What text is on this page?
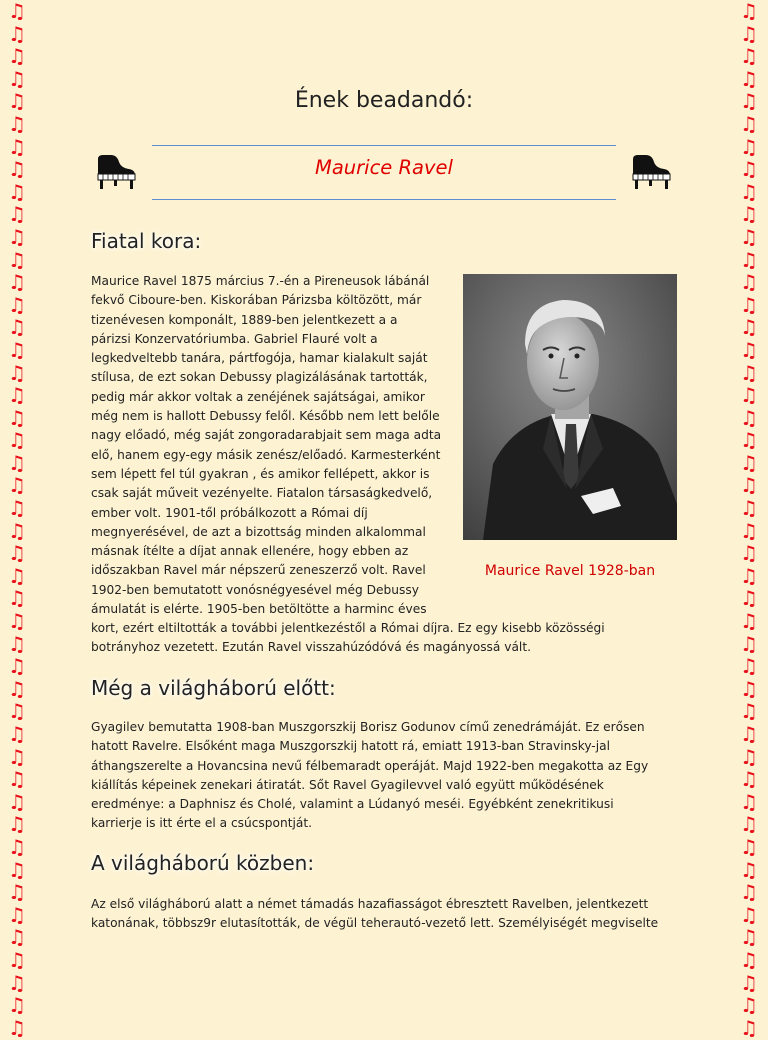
♫
♫
♫
♫
♫
♫
♫
♫
♫
♫
♫
♫
♫
♫
♫
♫
♫
♫
♫
♫
♫
♫
♫
♫
♫
♫
♫
♫
♫
♫
♫
♫
♫
♫
♫
♫
♫
♫
♫
♫
♫
♫
♫
♫
♫
♫
♫
♫
♫
♫
♫
♫
♫
♫
♫
♫
♫
♫
♫
♫
♫
♫
♫
♫
♫
♫
♫
♫
♫
♫
♫
♫
♫
♫
♫
♫
♫
♫
♫
♫
♫
♫
♫
♫
♫
♫
♫
♫
♫
♫
♫
♫
Ének beadandó:
Maurice Ravel
Fiatal kora:
Maurice Ravel 1875 március 7.-én a Pireneusok lábánál
fekvő Ciboure-ben. Kiskorában Párizsba költözött, már
tizenévesen komponált, 1889-ben jelentkezett a a
párizsi Konzervatóriumba. Gabriel Flauré volt a
legkedveltebb tanára, pártfogója, hamar kialakult saját
stílusa, de ezt sokan Debussy plagizálásának tartották,
pedig már akkor voltak a zenéjének sajátságai, amikor
még nem is hallott Debussy felől. Később nem lett belőle
nagy előadó, még saját zongoradarabjait sem maga adta
elő, hanem egy-egy másik zenész/előadó. Karmesterként
sem lépett fel túl gyakran , és amikor fellépett, akkor is
csak saját műveit vezényelte. Fiatalon társaságkedvelő,
ember volt. 1901-től próbálkozott a Római díj
megnyerésével, de azt a bizottság minden alkalommal
másnak ítélte a díjat annak ellenére, hogy ebben az
időszakban Ravel már népszerű zeneszerző volt. Ravel
1902-ben bemutatott vonósnégyesével még Debussy
ámulatát is elérte. 1905-ben betöltötte a harminc éves
kort, ezért eltiltották a további jelentkezéstől a Római díjra. Ez egy kisebb közösségi
botrányhoz vezetett. Ezután Ravel visszahúzódóvá és magányossá vált.
Maurice Ravel 1928-ban
Még a világháború előtt:
Gyagilev bemutatta 1908-ban Muszgorszkij Borisz Godunov című zenedrámáját. Ez erősen
hatott Ravelre. Elsőként maga Muszgorszkij hatott rá, emiatt 1913-ban Stravinsky-jal
áthangszerelte a Hovancsina nevű félbemaradt operáját. Majd 1922-ben megakotta az Egy
kiállítás képeinek zenekari átiratát. Sőt Ravel Gyagilevvel való együtt működésének
eredménye: a Daphnisz és Cholé, valamint a Lúdanyó meséi. Egyébként zenekritikusi
karrierje is itt érte el a csúcspontját.
A világháború közben:
Az első világháború alatt a német támadás hazafiasságot ébresztett Ravelben, jelentkezett
katonának, többsz9r elutasították, de végül teherautó-vezető lett. Személyiségét megviselte
